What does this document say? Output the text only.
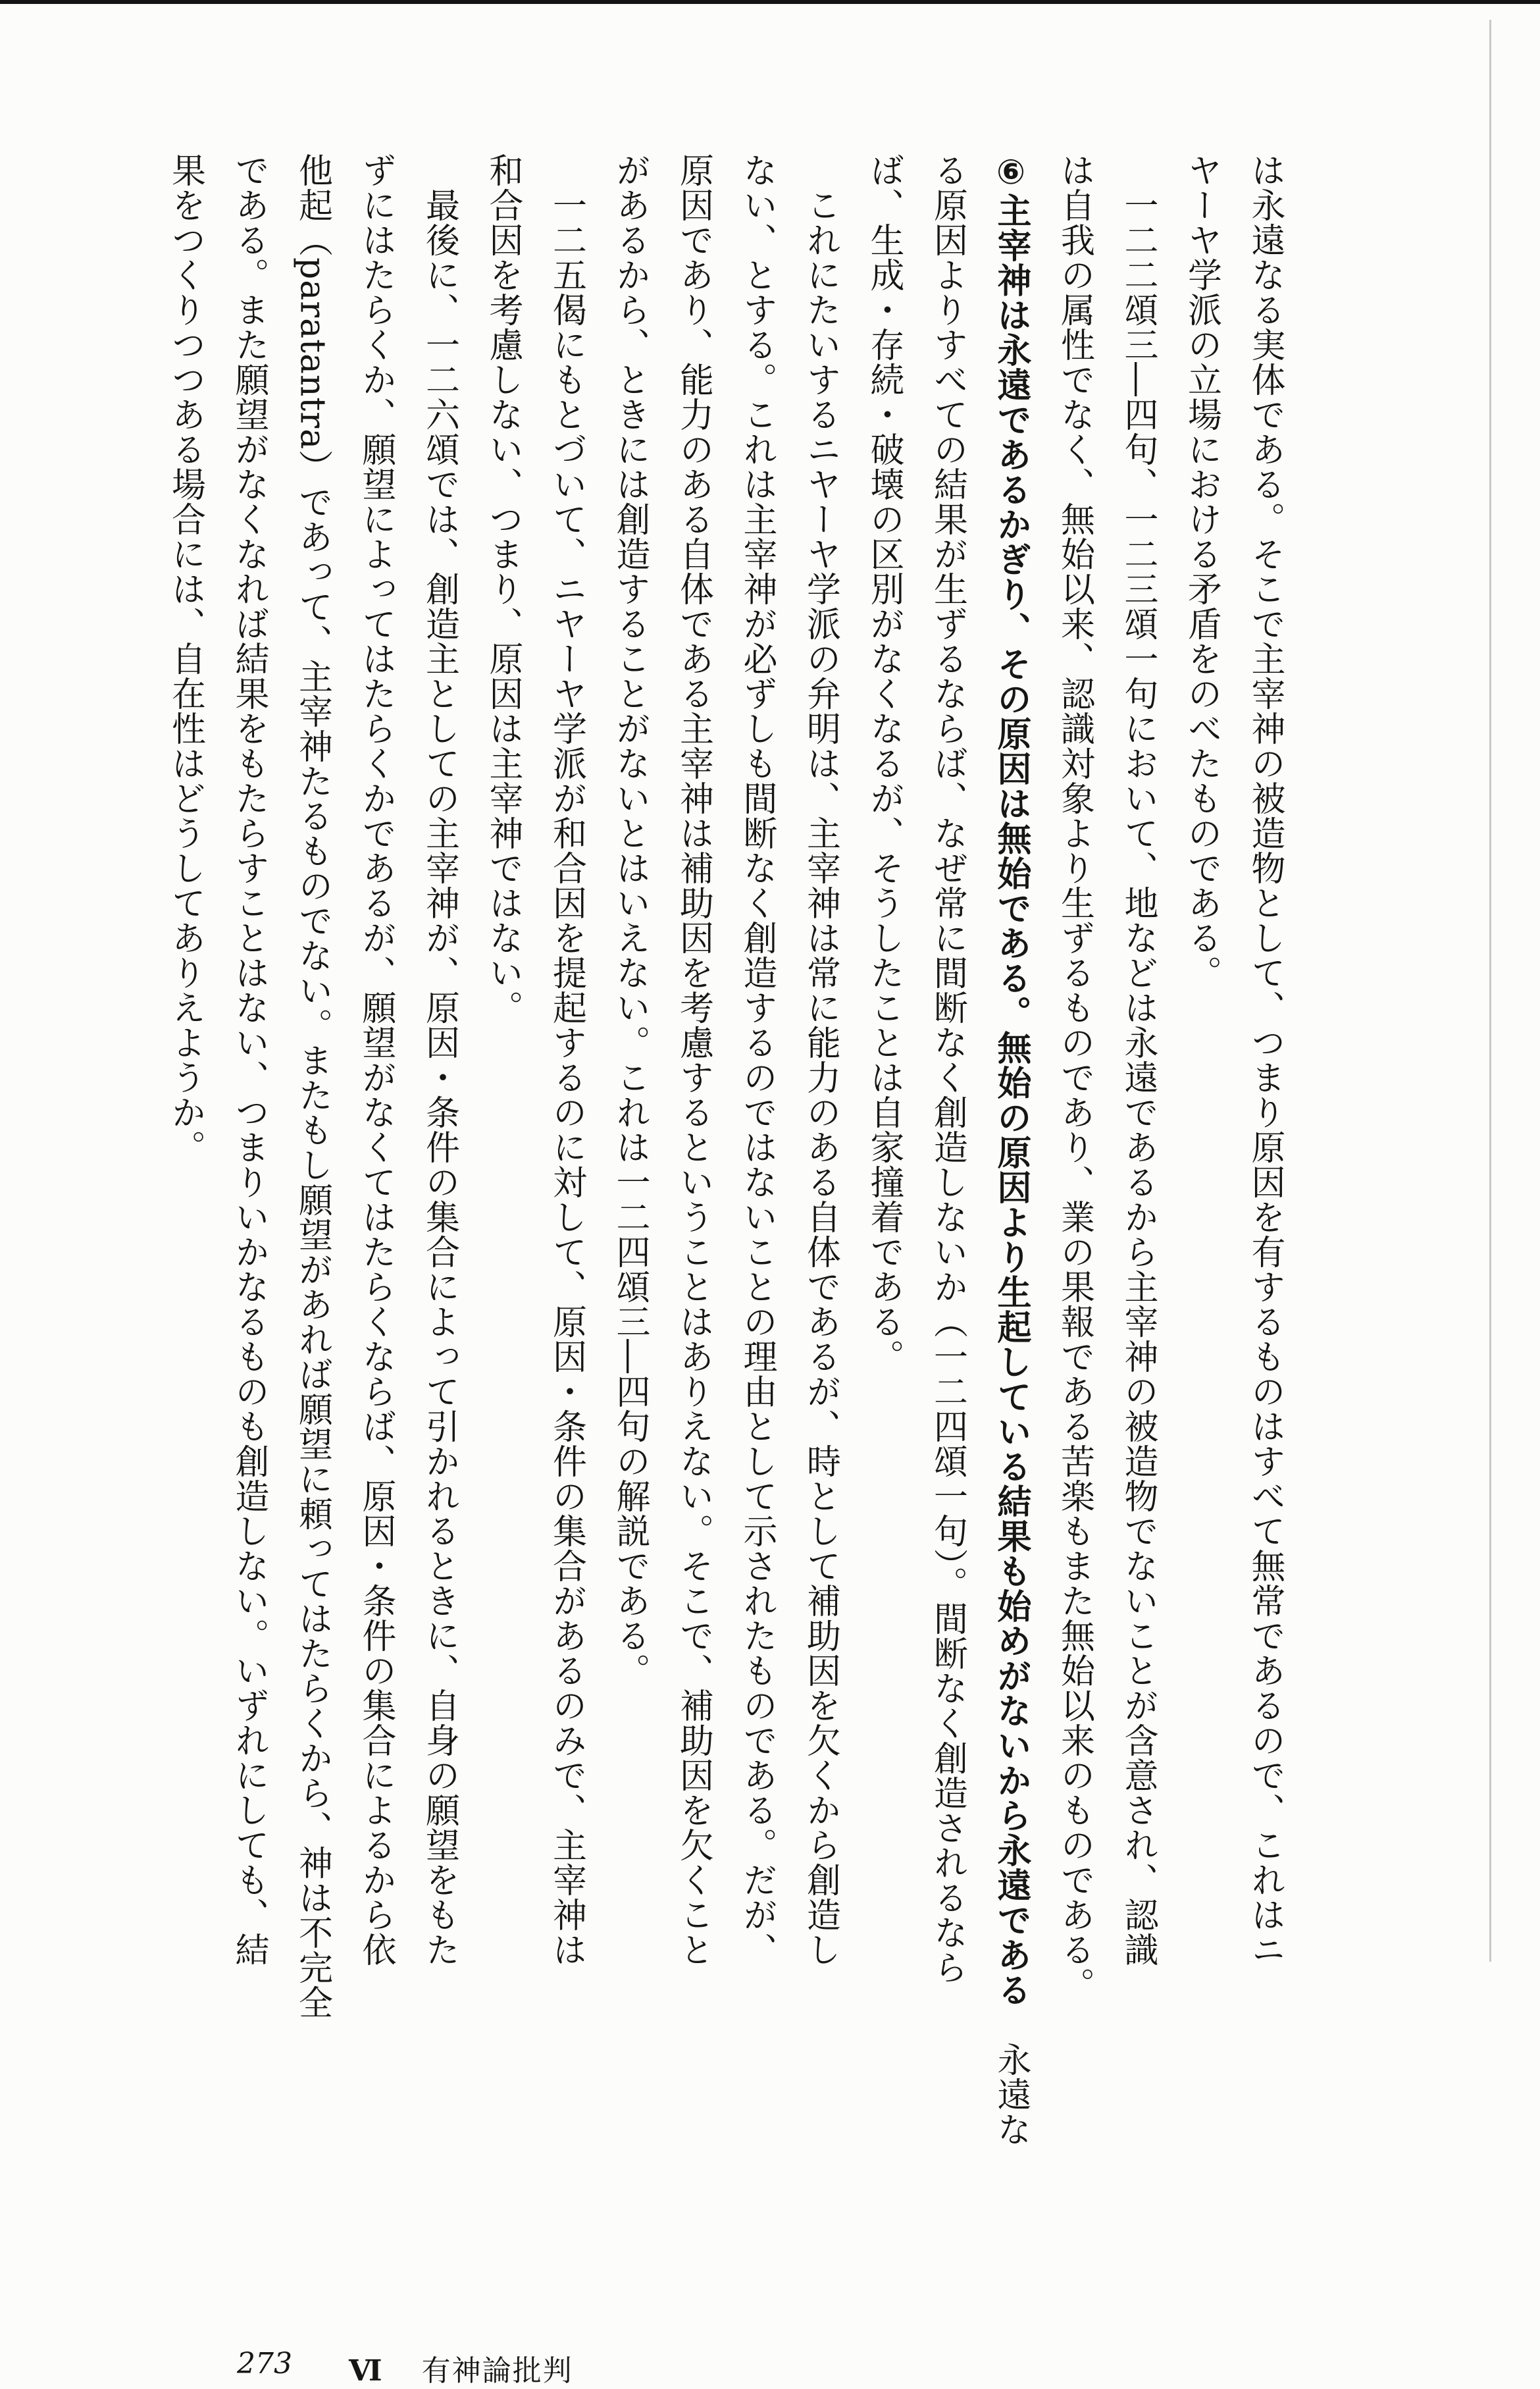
は永遠なる実体である。そこで主宰神の被造物として、つまり原因を有するものはすべて無常であるので、これはニ
ヤーヤ学派の立場における矛盾をのべたものである。
　一二二頌三―四句、一二三頌一句において、地などは永遠であるから主宰神の被造物でないことが含意され、認識
は自我の属性でなく、無始以来、認識対象より生ずるものであり、業の果報である苦楽もまた無始以来のものである。
⑥主宰神は永遠であるかぎり、その原因は無始である。無始の原因より生起している結果も始めがないから永遠である　永遠な
る原因よりすべての結果が生ずるならば、なぜ常に間断なく創造しないか（一二四頌一句）。間断なく創造されるなら
ば、生成・存続・破壊の区別がなくなるが、そうしたことは自家撞着である。
　これにたいするニヤーヤ学派の弁明は、主宰神は常に能力のある自体であるが、時として補助因を欠くから創造し
ない、とする。これは主宰神が必ずしも間断なく創造するのではないことの理由として示されたものである。だが、
原因であり、能力のある自体である主宰神は補助因を考慮するということはありえない。そこで、補助因を欠くこと
があるから、ときには創造することがないとはいえない。これは一二四頌三―四句の解説である。
　一二五偈にもとづいて、ニヤーヤ学派が和合因を提起するのに対して、原因・条件の集合があるのみで、主宰神は
和合因を考慮しない、つまり、原因は主宰神ではない。
　最後に、一二六頌では、創造主としての主宰神が、原因・条件の集合によって引かれるときに、自身の願望をもた
ずにはたらくか、願望によってはたらくかであるが、願望がなくてはたらくならば、原因・条件の集合によるから依
他起（paratantra）であって、主宰神たるものでない。またもし願望があれば願望に頼ってはたらくから、神は不完全
である。また願望がなくなれば結果をもたらすことはない、つまりいかなるものも創造しない。いずれにしても、結
果をつくりつつある場合には、自在性はどうしてありえようか。
273 Ⅵ 有神論批判
